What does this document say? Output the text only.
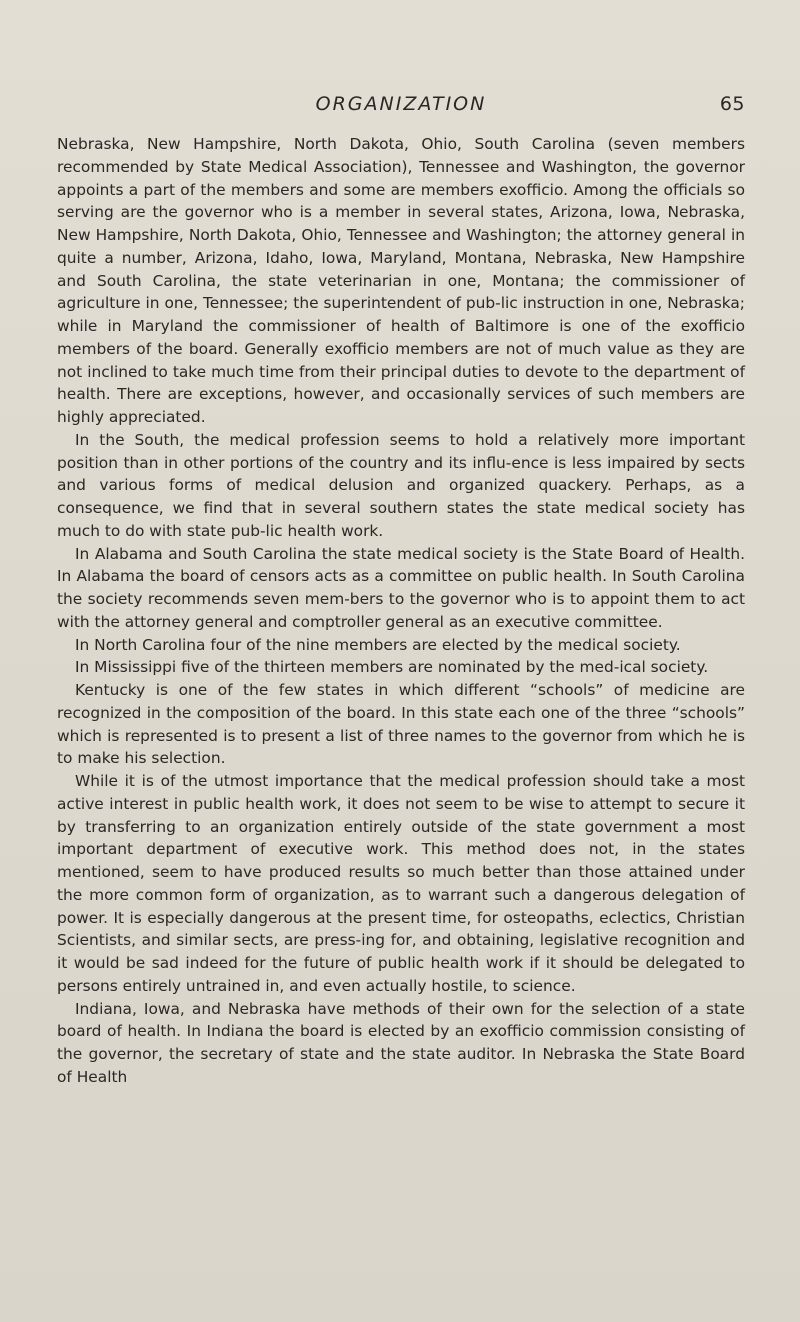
ORGANIZATION	65

Nebraska, New Hampshire, North Dakota, Ohio, South Carolina (seven members recommended by State Medical Association), Tennessee and Washington, the governor appoints a part of the members and some are members exofficio. Among the officials so serving are the governor who is a member in several states, Arizona, Iowa, Nebraska, New Hampshire, North Dakota, Ohio, Tennessee and Washington; the attorney general in quite a number, Arizona, Idaho, Iowa, Maryland, Montana, Nebraska, New Hampshire and South Carolina, the state veterinarian in one, Montana; the commissioner of agriculture in one, Tennessee; the superintendent of pub-lic instruction in one, Nebraska; while in Maryland the commissioner of health of Baltimore is one of the exofficio members of the board. Generally exofficio members are not of much value as they are not inclined to take much time from their principal duties to devote to the department of health. There are exceptions, however, and occasionally services of such members are highly appreciated.

In the South, the medical profession seems to hold a relatively more important position than in other portions of the country and its influ-ence is less impaired by sects and various forms of medical delusion and organized quackery. Perhaps, as a consequence, we find that in several southern states the state medical society has much to do with state pub-lic health work.

In Alabama and South Carolina the state medical society is the State Board of Health. In Alabama the board of censors acts as a committee on public health. In South Carolina the society recommends seven mem-bers to the governor who is to appoint them to act with the attorney general and comptroller general as an executive committee.

In North Carolina four of the nine members are elected by the medical society.

In Mississippi five of the thirteen members are nominated by the med-ical society.

Kentucky is one of the few states in which different “schools” of medicine are recognized in the composition of the board. In this state each one of the three “schools” which is represented is to present a list of three names to the governor from which he is to make his selection.

While it is of the utmost importance that the medical profession should take a most active interest in public health work, it does not seem to be wise to attempt to secure it by transferring to an organization entirely outside of the state government a most important department of executive work. This method does not, in the states mentioned, seem to have produced results so much better than those attained under the more common form of organization, as to warrant such a dangerous delegation of power. It is especially dangerous at the present time, for osteopaths, eclectics, Christian Scientists, and similar sects, are press-ing for, and obtaining, legislative recognition and it would be sad indeed for the future of public health work if it should be delegated to persons entirely untrained in, and even actually hostile, to science.

Indiana, Iowa, and Nebraska have methods of their own for the selection of a state board of health. In Indiana the board is elected by an exofficio commission consisting of the governor, the secretary of state and the state auditor. In Nebraska the State Board of Health
